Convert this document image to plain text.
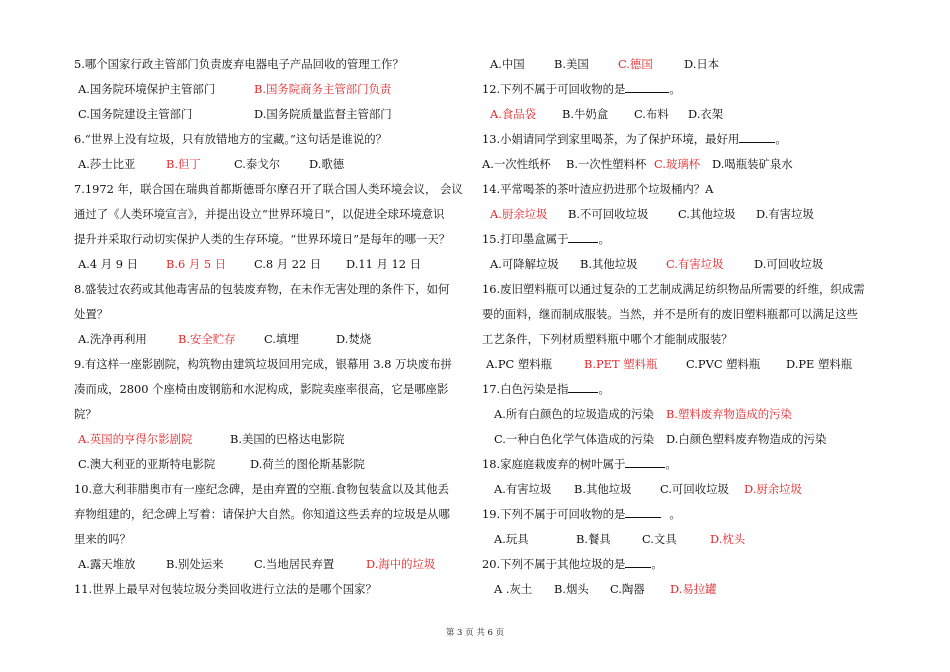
5.哪个国家行政主管部门负责废弃电器电子产品回收的管理工作？
A.国务院环境保护主管部门	B.国务院商务主管部门负责
C.国务院建设主管部门	D.国务院质量监督主管部门
6.“世界上没有垃圾，只有放错地方的宝藏。”这句话是谁说的？
A.莎士比亚	B.但丁	C.泰戈尔	D.歌德
7.1972 年，联合国在瑞典首都斯德哥尔摩召开了联合国人类环境会议， 会议
通过了《人类环境宣言》，并提出设立“世界环境日”，以促进全球环境意识
提升并采取行动切实保护人类的生存环境。“世界环境日”是每年的哪一天？
A.4 月 9 日 B.6 月 5 日 C.8 月 22 日 D.11 月 12 日
8.盛装过农药或其他毒害品的包装废弃物，在未作无害处理的条件下，如何
处置？
A.洗净再利用	B.安全贮存 C.填埋	D.焚烧
9.有这样一座影剧院，构筑物由建筑垃圾回用完成，银幕用 3.8 万块废布拼
凑而成，2800 个座椅由废钢筋和水泥构成，影院卖座率很高，它是哪座影
院？
A.英国的亨得尔影剧院	B.美国的巴格达电影院
C.澳大利亚的亚斯特电影院	D.荷兰的图伦斯基影院
10.意大利菲腊奥市有一座纪念碑，是由弃置的空瓶.食物包装盒以及其他丢
弃物组建的，纪念碑上写着：请保护大自然。你知道这些丢弃的垃圾是从哪
里来的吗？
A.露天堆放	B.别处运来	C.当地居民弃置	D.海中的垃圾
11.世界上最早对包装垃圾分类回收进行立法的是哪个国家？
A.中国	B.美国	C.德国	D.日本
12.下列不属于可回收物的是	。
A.食品袋 B.牛奶盒 C.布料 D.衣架
13.小娟请同学到家里喝茶，为了保护环境，最好用	。
A.一次性纸杯 B.一次性塑料杯 C.玻璃杯 D.喝瓶装矿泉水
14.平常喝茶的茶叶渣应扔进那个垃圾桶内？A
A.厨余垃圾 B.不可回收垃圾	C.其他垃圾 D.有害垃圾
15.打印墨盒属于	。
A.可降解垃圾 B.其他垃圾 C.有害垃圾	D.可回收垃圾
16.废旧塑料瓶可以通过复杂的工艺制成满足纺织物品所需要的纤维，织成需
要的面料，继而制成服装。当然，并不是所有的废旧塑料瓶都可以满足这些
工艺条件，下列材质塑料瓶中哪个才能制成服装？
A.PC 塑料瓶	B.PET 塑料瓶	C.PVC 塑料瓶 D.PE 塑料瓶
17.白色污染是指	。
A.所有白颜色的垃圾造成的污染 B.塑料废弃物造成的污染
C.一种白色化学气体造成的污染 D.白颜色塑料废弃物造成的污染
18.家庭庭栽废弃的树叶属于	。
A.有害垃圾 B.其他垃圾 C.可回收垃圾 D.厨余垃圾
19.下列不属于可回收物的是	。
A.玩具	B.餐具	C.文具	D.枕头
20.下列不属于其他垃圾的是 。
A .灰土 B.烟头 C.陶器 D.易拉罐
第 3 页 共 6 页
